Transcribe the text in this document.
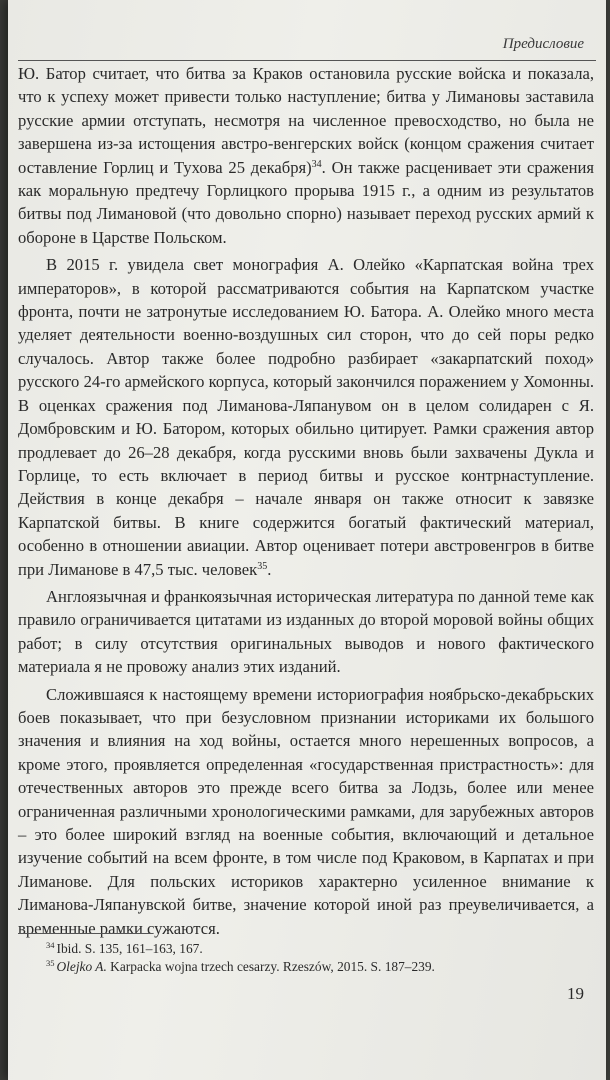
Предисловие

Ю. Батор считает, что битва за Краков остановила русские войска и показала, что к успеху может привести только наступление; битва у Лимановы заставила русские армии отступать, несмотря на численное превосходство, но была не завершена из-за истощения австро-венгерских войск (концом сражения считает оставление Горлиц и Тухова 25 декабря)$^{34}$. Он также расценивает эти сражения как моральную предтечу Горлицкого прорыва 1915 г., а одним из результатов битвы под Лимановой (что довольно спорно) называет переход русских армий к обороне в Царстве Польском.

В 2015 г. увидела свет монография А. Олейко «Карпатская война трех императоров», в которой рассматриваются события на Карпатском участке фронта, почти не затронутые исследованием Ю. Батора. А. Олейко много места уделяет деятельности военно-воздушных сил сторон, что до сей поры редко случалось. Автор также более подробно разбирает «закарпатский поход» русского 24-го армейского корпуса, который закончился поражением у Хомонны. В оценках сражения под Лиманова-Ляпанувом он в целом солидарен с Я. Домбровским и Ю. Батором, которых обильно цитирует. Рамки сражения автор продлевает до 26–28 декабря, когда русскими вновь были захвачены Дукла и Горлице, то есть включает в период битвы и русское контрнаступление. Действия в конце декабря – начале января он также относит к завязке Карпатской битвы. В книге содержится богатый фактический материал, особенно в отношении авиации. Автор оценивает потери австровенгров в битве при Лиманове в 47,5 тыс. человек$^{35}$.

Англоязычная и франкоязычная историческая литература по данной теме как правило ограничивается цитатами из изданных до второй моровой войны общих работ; в силу отсутствия оригинальных выводов и нового фактического материала я не провожу анализ этих изданий.

Сложившаяся к настоящему времени историография ноябрьско-декабрьских боев показывает, что при безусловном признании историками их большого значения и влияния на ход войны, остается много нерешенных вопросов, а кроме этого, проявляется определенная «государственная пристрастность»: для отечественных авторов это прежде всего битва за Лодзь, более или менее ограниченная различными хронологическими рамками, для зарубежных авторов – это более широкий взгляд на военные события, включающий и детальное изучение событий на всем фронте, в том числе под Краковом, в Карпатах и при Лиманове. Для польских историков характерно усиленное внимание к Лиманова-Ляпанувской битве, значение которой иной раз преувеличивается, а временные рамки сужаются.

$^{34}$ Ibid. S. 135, 161–163, 167.
$^{35}$ Olejko A. Karpacka wojna trzech cesarzy. Rzeszów, 2015. S. 187–239.
19
